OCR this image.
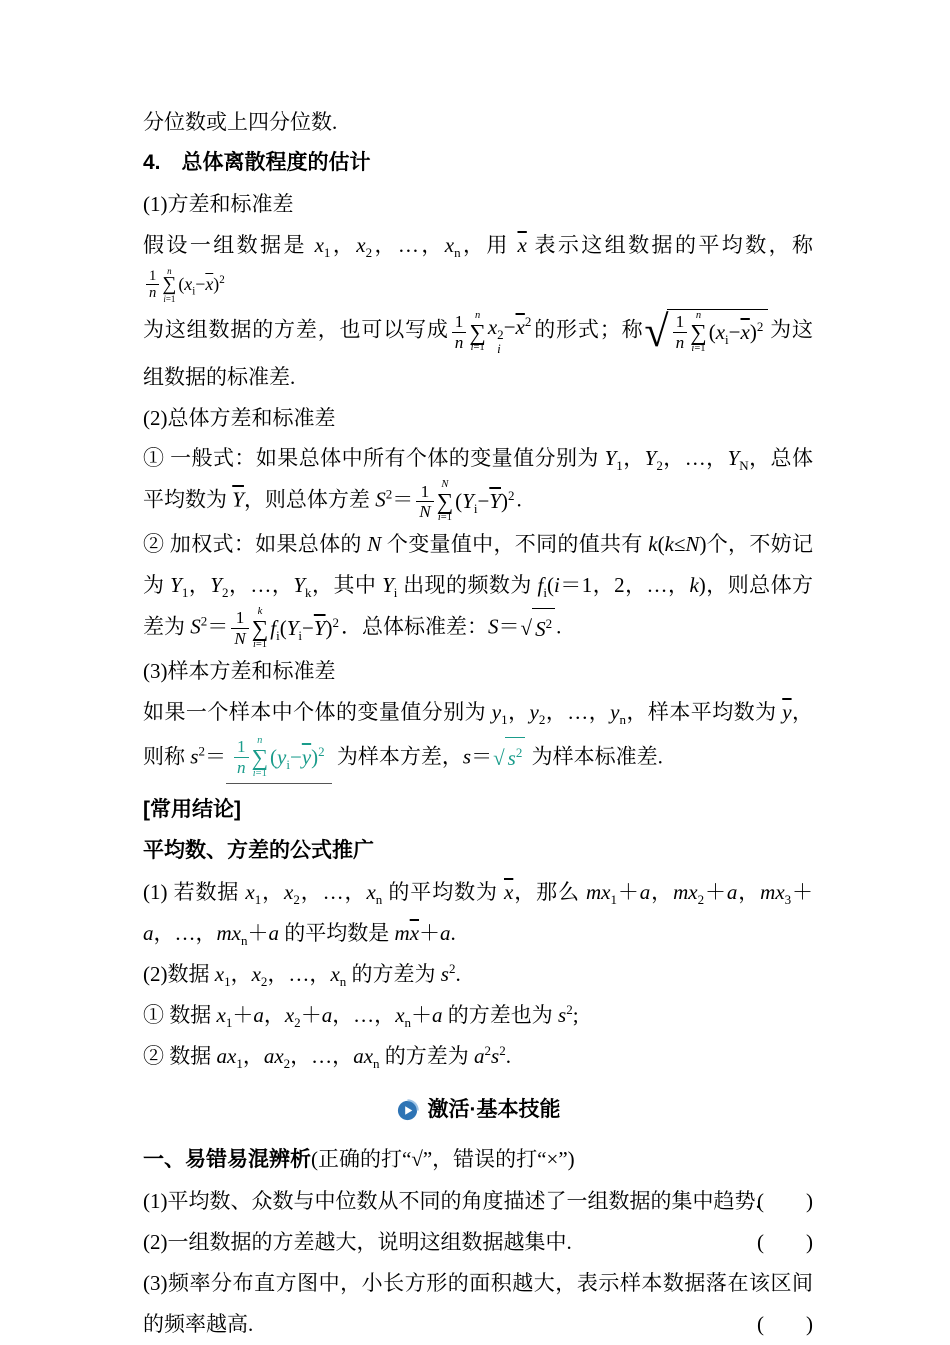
分位数或上四分位数.

4.　总体离散程度的估计

(1)方差和标准差

假设一组数据是 $x_1$，$x_2$，…，$x_n$，用 $\overline{x}$ 表示这组数据的平均数，称
1
n
n
∑
i=1
$(x_i-\overline{x})^2$

为这组数据的方差，也可以写成 1
n
n
∑
i=1
x 2
i
$-\overline{x}^2$ 的形式；称 √ 1
n
n
∑
i=1
$(x_i-\overline{x})^2$ 为这组数据的标准差.

(2)总体方差和标准差

① 一般式：如果总体中所有个体的变量值分别为 $Y_1$，$Y_2$，…，$Y_N$，总体平均数为 $\overline{Y}$，则总体方差 $S^2= 1$
N
N
∑
i=1
$(Y_i-\overline{Y})^2$ .

② 加权式：如果总体的 N 个变量值中，不同的值共有 k(k≤N)个，不妨记为 $Y_1$，$Y_2$，…，$Y_k$，其中 $Y_i$ 出现的频数为 $f_i(i=1$，2，…，k)，则总体方差为 $S^2= 1$
N
k
∑
i=1
$f_i(Y_i-\overline{Y})^2$ ．总体标准差：S＝ √ $S^2$ .

(3)样本方差和标准差

如果一个样本中个体的变量值分别为 $y_1$，$y_2$，…，$y_n$，样本平均数为 $\overline{y}$，则称 $s^2= 1$
n
n
∑
i=1
$(y_i-\overline{y})^2$ 为样本方差，s＝ √ $s^2$ 为样本标准差.

[常用结论]

平均数、方差的公式推广

(1) 若数据 $x_1$，$x_2$，…，$x_n$ 的平均数为 $\overline{x}$，那么 $mx_1+a$，$mx_2+a$，$mx_3+a$，…，$mx_n+a$ 的平均数是 $m\overline{x}+a$.

(2)数据 $x_1$，$x_2$，…，$x_n$ 的方差为 $s^2$.

① 数据 $x_1+a$，$x_2+a$，…，$x_n+a$ 的方差也为 $s^2$;

② 数据 $ax_1$，$ax_2$，…，$ax_n$ 的方差为 $a^2s^2$.

激活·基本技能

一、易错易混辨析(正确的打“√”，错误的打“×”)

(1)平均数、众数与中位数从不同的角度描述了一组数据的集中趋势.
(　　)
(2)一组数据的方差越大，说明这组数据越集中.	(　　)
(3)频率分布直方图中，小长方形的面积越大，表示样本数据落在该区间的频率越高.	(　　)
